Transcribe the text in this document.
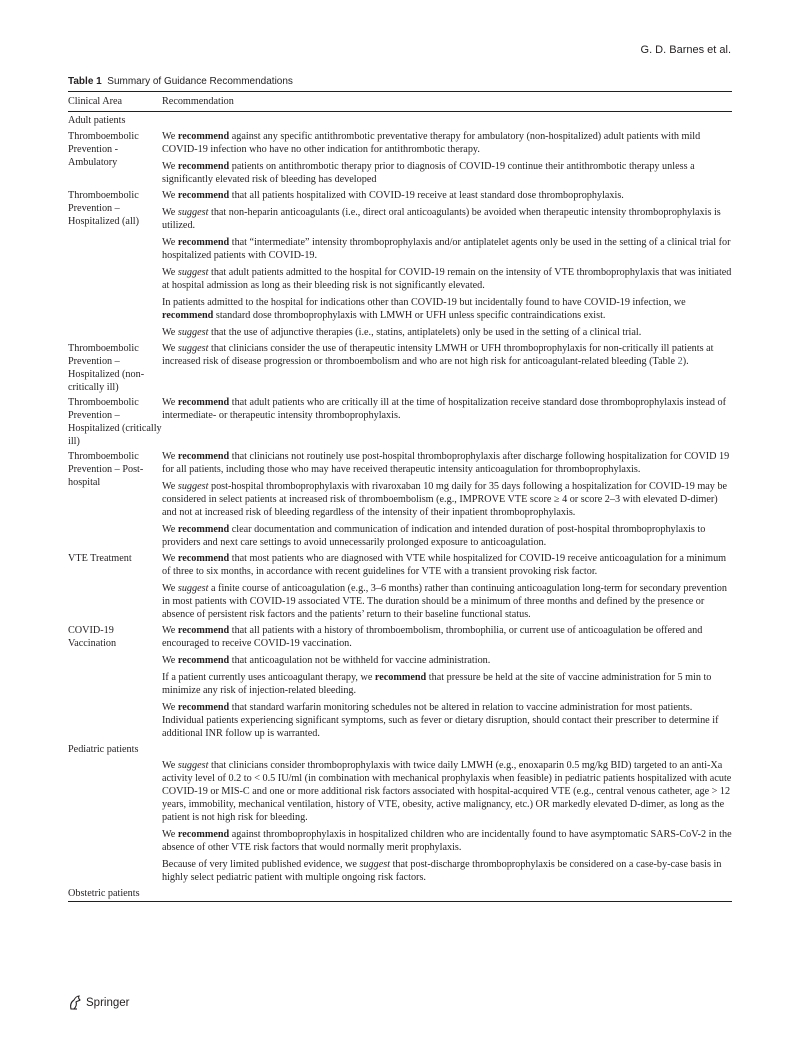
G. D. Barnes et al.
Table 1 Summary of Guidance Recommendations
Clinical Area	Recommendation
Adult patients
Thromboembolic Prevention - Ambulatory

We recommend against any specific antithrombotic preventative therapy for ambulatory (non-hospitalized) adult patients with mild COVID-19 infection who have no other indication for antithrombotic therapy.

We recommend patients on antithrombotic therapy prior to diagnosis of COVID-19 continue their antithrombotic therapy unless a significantly elevated risk of bleeding has developed

Thromboembolic Prevention – Hospitalized (all)

We recommend that all patients hospitalized with COVID-19 receive at least standard dose thromboprophylaxis.

We suggest that non-heparin anticoagulants (i.e., direct oral anticoagulants) be avoided when therapeutic intensity thromboprophylaxis is utilized.

We recommend that “intermediate” intensity thromboprophylaxis and/or antiplatelet agents only be used in the setting of a clinical trial for hospitalized patients with COVID-19.

We suggest that adult patients admitted to the hospital for COVID-19 remain on the intensity of VTE thromboprophylaxis that was initiated at hospital admission as long as their bleeding risk is not significantly elevated.

In patients admitted to the hospital for indications other than COVID-19 but incidentally found to have COVID-19 infection, we recommend standard dose thromboprophylaxis with LMWH or UFH unless specific contraindications exist.

We suggest that the use of adjunctive therapies (i.e., statins, antiplatelets) only be used in the setting of a clinical trial.

Thromboembolic Prevention – Hospitalized (non-critically ill)

We suggest that clinicians consider the use of therapeutic intensity LMWH or UFH thromboprophylaxis for non-critically ill patients at increased risk of disease progression or thromboembolism and who are not high risk for anticoagulant-related bleeding (Table 2).

Thromboembolic Prevention – Hospitalized (critically ill)

We recommend that adult patients who are critically ill at the time of hospitalization receive standard dose thromboprophylaxis instead of intermediate- or therapeutic intensity thromboprophylaxis.

Thromboembolic Prevention – Post-hospital

We recommend that clinicians not routinely use post-hospital thromboprophylaxis after discharge following hospitalization for COVID 19 for all patients, including those who may have received therapeutic intensity anticoagulation for thromboprophylaxis.

We suggest post-hospital thromboprophylaxis with rivaroxaban 10 mg daily for 35 days following a hospitalization for COVID-19 may be considered in select patients at increased risk of thromboembolism (e.g., IMPROVE VTE score ≥ 4 or score 2–3 with elevated D-dimer) and not at increased risk of bleeding regardless of the intensity of their inpatient thromboprophylaxis.

We recommend clear documentation and communication of indication and intended duration of post-hospital thromboprophylaxis to providers and next care settings to avoid unnecessarily prolonged exposure to anticoagulation.

VTE Treatment	We recommend that most patients who are diagnosed with VTE while hospitalized for COVID-19 receive anticoagulation for a minimum of three to six months, in accordance with recent guidelines for VTE with a transient provoking risk factor.

We suggest a finite course of anticoagulation (e.g., 3–6 months) rather than continuing anticoagulation long-term for secondary prevention in most patients with COVID-19 associated VTE. The duration should be a minimum of three months and defined by the presence or absence of persistent risk factors and the patients’ return to their baseline functional status.

COVID-19 Vaccination

We recommend that all patients with a history of thromboembolism, thrombophilia, or current use of anticoagulation be offered and encouraged to receive COVID-19 vaccination.

We recommend that anticoagulation not be withheld for vaccine administration.

If a patient currently uses anticoagulant therapy, we recommend that pressure be held at the site of vaccine administration for 5 min to minimize any risk of injection-related bleeding.

We recommend that standard warfarin monitoring schedules not be altered in relation to vaccine administration for most patients. Individual patients experiencing significant symptoms, such as fever or dietary disruption, should contact their prescriber to determine if additional INR follow up is warranted.

Pediatric patients

We suggest that clinicians consider thromboprophylaxis with twice daily LMWH (e.g., enoxaparin 0.5 mg/kg BID) targeted to an anti-Xa activity level of 0.2 to < 0.5 IU/ml (in combination with mechanical prophylaxis when feasible) in pediatric patients hospitalized with acute COVID-19 or MIS-C and one or more additional risk factors associated with hospital-acquired VTE (e.g., central venous catheter, age > 12 years, immobility, mechanical ventilation, history of VTE, obesity, active malignancy, etc.) OR markedly elevated D-dimer, as long as the patient is not high risk for bleeding.

We recommend against thromboprophylaxis in hospitalized children who are incidentally found to have asymptomatic SARS-CoV-2 in the absence of other VTE risk factors that would normally merit prophylaxis.

Because of very limited published evidence, we suggest that post-discharge thromboprophylaxis be considered on a case-by-case basis in highly select pediatric patient with multiple ongoing risk factors.

Obstetric patients
Springer
